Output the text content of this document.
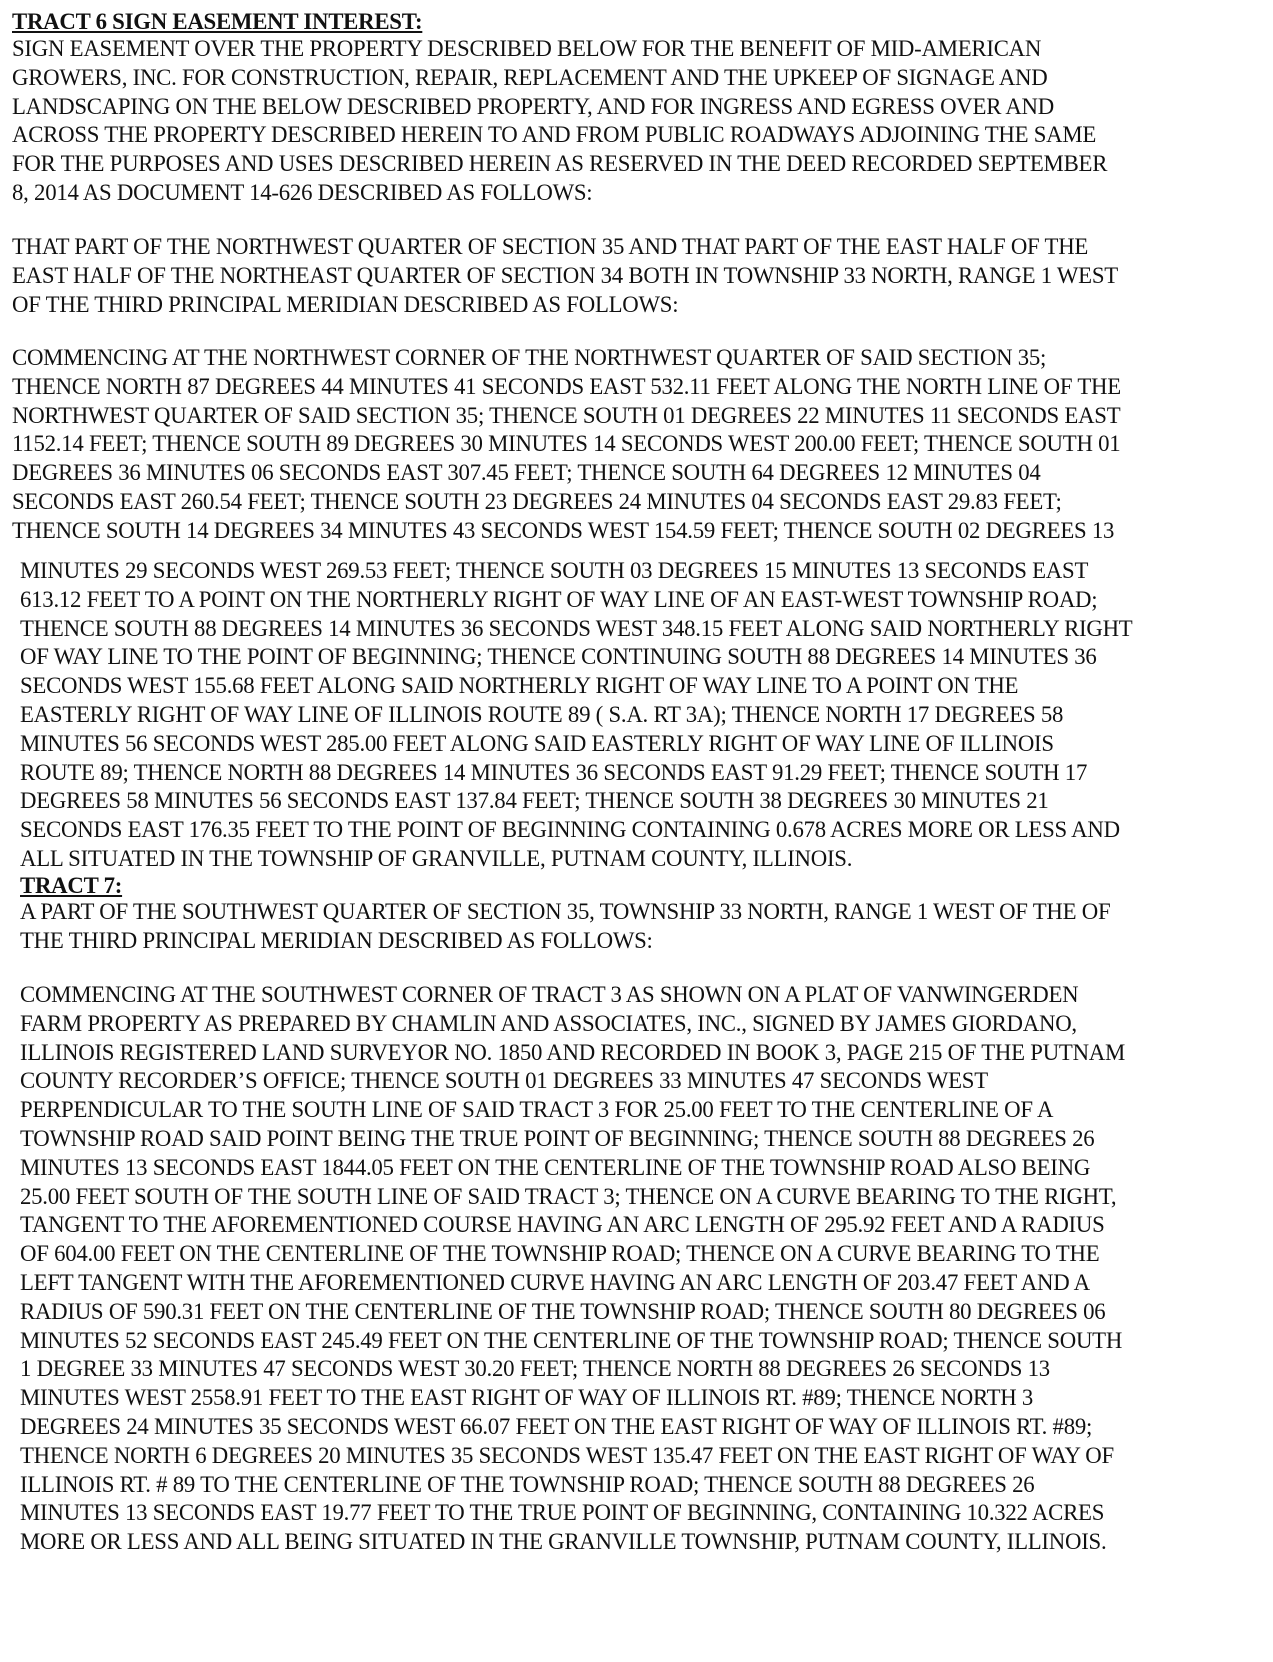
TRACT 6 SIGN EASEMENT INTEREST:
SIGN EASEMENT OVER THE PROPERTY DESCRIBED BELOW FOR THE BENEFIT OF MID-AMERICAN
GROWERS, INC. FOR CONSTRUCTION, REPAIR, REPLACEMENT AND THE UPKEEP OF SIGNAGE AND
LANDSCAPING ON THE BELOW DESCRIBED PROPERTY, AND FOR INGRESS AND EGRESS OVER AND
ACROSS THE PROPERTY DESCRIBED HEREIN TO AND FROM PUBLIC ROADWAYS ADJOINING THE SAME
FOR THE PURPOSES AND USES DESCRIBED HEREIN AS RESERVED IN THE DEED RECORDED SEPTEMBER
8, 2014 AS DOCUMENT 14-626 DESCRIBED AS FOLLOWS:
THAT PART OF THE NORTHWEST QUARTER OF SECTION 35 AND THAT PART OF THE EAST HALF OF THE
EAST HALF OF THE NORTHEAST QUARTER OF SECTION 34 BOTH IN TOWNSHIP 33 NORTH, RANGE 1 WEST
OF THE THIRD PRINCIPAL MERIDIAN DESCRIBED AS FOLLOWS:
COMMENCING AT THE NORTHWEST CORNER OF THE NORTHWEST QUARTER OF SAID SECTION 35;
THENCE NORTH 87 DEGREES 44 MINUTES 41 SECONDS EAST 532.11 FEET ALONG THE NORTH LINE OF THE
NORTHWEST QUARTER OF SAID SECTION 35; THENCE SOUTH 01 DEGREES 22 MINUTES 11 SECONDS EAST
1152.14 FEET; THENCE SOUTH 89 DEGREES 30 MINUTES 14 SECONDS WEST 200.00 FEET; THENCE SOUTH 01
DEGREES 36 MINUTES 06 SECONDS EAST 307.45 FEET; THENCE SOUTH 64 DEGREES 12 MINUTES 04
SECONDS EAST 260.54 FEET; THENCE SOUTH 23 DEGREES 24 MINUTES 04 SECONDS EAST 29.83 FEET;
THENCE SOUTH 14 DEGREES 34 MINUTES 43 SECONDS WEST 154.59 FEET; THENCE SOUTH 02 DEGREES 13
MINUTES 29 SECONDS WEST 269.53 FEET; THENCE SOUTH 03 DEGREES 15 MINUTES 13 SECONDS EAST
613.12 FEET TO A POINT ON THE NORTHERLY RIGHT OF WAY LINE OF AN EAST-WEST TOWNSHIP ROAD;
THENCE SOUTH 88 DEGREES 14 MINUTES 36 SECONDS WEST 348.15 FEET ALONG SAID NORTHERLY RIGHT
OF WAY LINE TO THE POINT OF BEGINNING; THENCE CONTINUING SOUTH 88 DEGREES 14 MINUTES 36
SECONDS WEST 155.68 FEET ALONG SAID NORTHERLY RIGHT OF WAY LINE TO A POINT ON THE
EASTERLY RIGHT OF WAY LINE OF ILLINOIS ROUTE 89 ( S.A. RT 3A); THENCE NORTH 17 DEGREES 58
MINUTES 56 SECONDS WEST 285.00 FEET ALONG SAID EASTERLY RIGHT OF WAY LINE OF ILLINOIS
ROUTE 89; THENCE NORTH 88 DEGREES 14 MINUTES 36 SECONDS EAST 91.29 FEET; THENCE SOUTH 17
DEGREES 58 MINUTES 56 SECONDS EAST 137.84 FEET; THENCE SOUTH 38 DEGREES 30 MINUTES 21
SECONDS EAST 176.35 FEET TO THE POINT OF BEGINNING CONTAINING 0.678 ACRES MORE OR LESS AND
ALL SITUATED IN THE TOWNSHIP OF GRANVILLE, PUTNAM COUNTY, ILLINOIS.
TRACT 7:
A PART OF THE SOUTHWEST QUARTER OF SECTION 35, TOWNSHIP 33 NORTH, RANGE 1 WEST OF THE OF
THE THIRD PRINCIPAL MERIDIAN DESCRIBED AS FOLLOWS:
COMMENCING AT THE SOUTHWEST CORNER OF TRACT 3 AS SHOWN ON A PLAT OF VANWINGERDEN
FARM PROPERTY AS PREPARED BY CHAMLIN AND ASSOCIATES, INC., SIGNED BY JAMES GIORDANO,
ILLINOIS REGISTERED LAND SURVEYOR NO. 1850 AND RECORDED IN BOOK 3, PAGE 215 OF THE PUTNAM
COUNTY RECORDER’S OFFICE; THENCE SOUTH 01 DEGREES 33 MINUTES 47 SECONDS WEST
PERPENDICULAR TO THE SOUTH LINE OF SAID TRACT 3 FOR 25.00 FEET TO THE CENTERLINE OF A
TOWNSHIP ROAD SAID POINT BEING THE TRUE POINT OF BEGINNING; THENCE SOUTH 88 DEGREES 26
MINUTES 13 SECONDS EAST 1844.05 FEET ON THE CENTERLINE OF THE TOWNSHIP ROAD ALSO BEING
25.00 FEET SOUTH OF THE SOUTH LINE OF SAID TRACT 3; THENCE ON A CURVE BEARING TO THE RIGHT,
TANGENT TO THE AFOREMENTIONED COURSE HAVING AN ARC LENGTH OF 295.92 FEET AND A RADIUS
OF 604.00 FEET ON THE CENTERLINE OF THE TOWNSHIP ROAD; THENCE ON A CURVE BEARING TO THE
LEFT TANGENT WITH THE AFOREMENTIONED CURVE HAVING AN ARC LENGTH OF 203.47 FEET AND A
RADIUS OF 590.31 FEET ON THE CENTERLINE OF THE TOWNSHIP ROAD; THENCE SOUTH 80 DEGREES 06
MINUTES 52 SECONDS EAST 245.49 FEET ON THE CENTERLINE OF THE TOWNSHIP ROAD; THENCE SOUTH
1 DEGREE 33 MINUTES 47 SECONDS WEST 30.20 FEET; THENCE NORTH 88 DEGREES 26 SECONDS 13
MINUTES WEST 2558.91 FEET TO THE EAST RIGHT OF WAY OF ILLINOIS RT. #89; THENCE NORTH 3
DEGREES 24 MINUTES 35 SECONDS WEST 66.07 FEET ON THE EAST RIGHT OF WAY OF ILLINOIS RT. #89;
THENCE NORTH 6 DEGREES 20 MINUTES 35 SECONDS WEST 135.47 FEET ON THE EAST RIGHT OF WAY OF
ILLINOIS RT. # 89 TO THE CENTERLINE OF THE TOWNSHIP ROAD; THENCE SOUTH 88 DEGREES 26
MINUTES 13 SECONDS EAST 19.77 FEET TO THE TRUE POINT OF BEGINNING, CONTAINING 10.322 ACRES
MORE OR LESS AND ALL BEING SITUATED IN THE GRANVILLE TOWNSHIP, PUTNAM COUNTY, ILLINOIS.
